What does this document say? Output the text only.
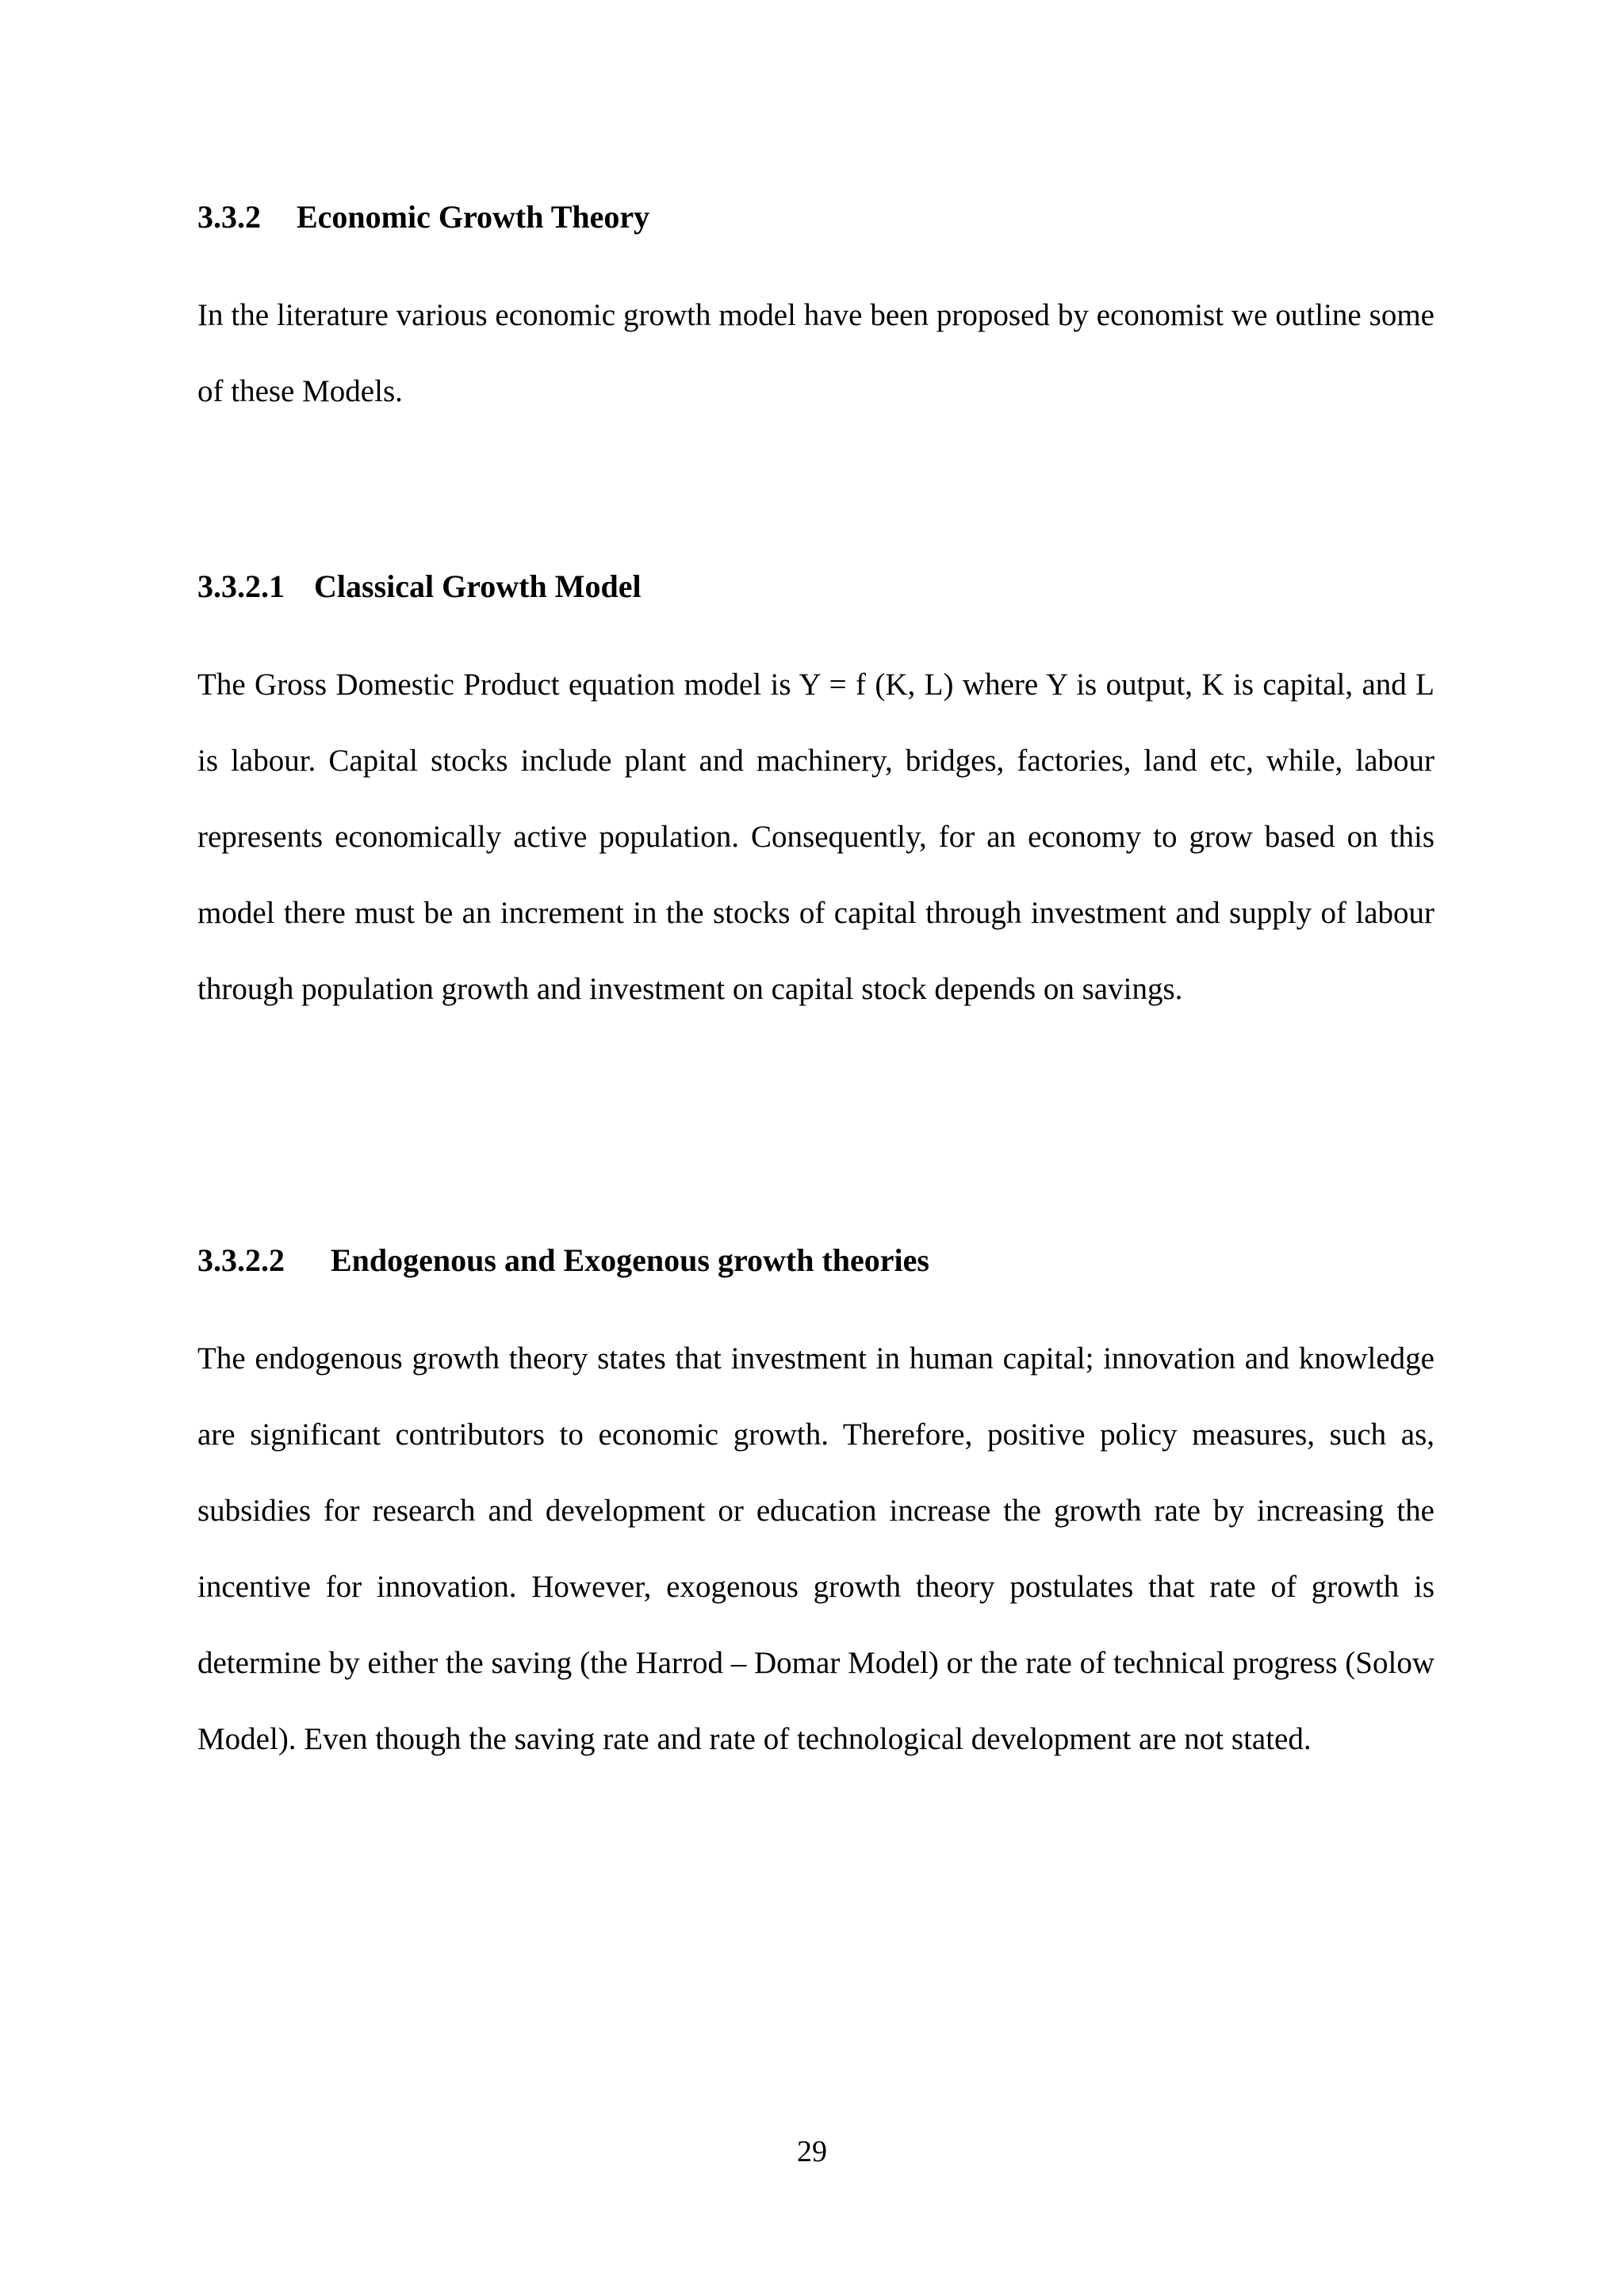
3.3.2 Economic Growth Theory

In the literature various economic growth model have been proposed by economist we outline some of these Models.

3.3.2.1 Classical Growth Model

The Gross Domestic Product equation model is Y = f (K, L) where Y is output, K is capital, and L is labour. Capital stocks include plant and machinery, bridges, factories, land etc, while, labour represents economically active population. Consequently, for an economy to grow based on this model there must be an increment in the stocks of capital through investment and supply of labour through population growth and investment on capital stock depends on savings.

3.3.2.2 Endogenous and Exogenous growth theories

The endogenous growth theory states that investment in human capital; innovation and knowledge are significant contributors to economic growth. Therefore, positive policy measures, such as, subsidies for research and development or education increase the growth rate by increasing the incentive for innovation. However, exogenous growth theory postulates that rate of growth is determine by either the saving (the Harrod – Domar Model) or the rate of technical progress (Solow Model). Even though the saving rate and rate of technological development are not stated.

29
